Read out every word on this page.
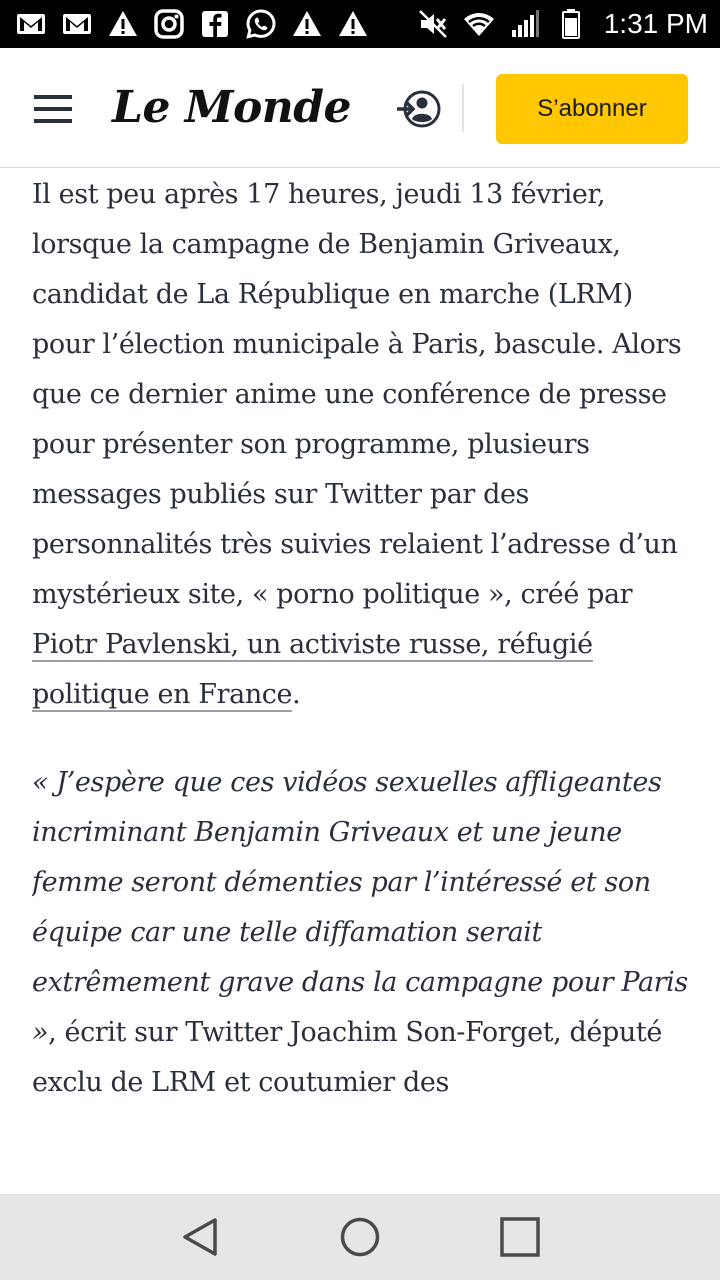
1:31 PM
Le Monde	S’abonner

Il est peu après 17 heures, jeudi 13 février, lorsque la campagne de Benjamin Griveaux, candidat de La République en marche (LRM) pour l’élection municipale à Paris, bascule. Alors que ce dernier anime une conférence de presse pour présenter son programme, plusieurs messages publiés sur Twitter par des personnalités très suivies relaient l’adresse d’un mystérieux site, « porno politique », créé par Piotr Pavlenski, un activiste russe, réfugié politique en France.

« J’espère que ces vidéos sexuelles affligeantes incriminant Benjamin Griveaux et une jeune femme seront démenties par l’intéressé et son équipe car une telle diffamation serait extrêmement grave dans la campagne pour Paris », écrit sur Twitter Joachim Son-Forget, député exclu de LRM et coutumier des
